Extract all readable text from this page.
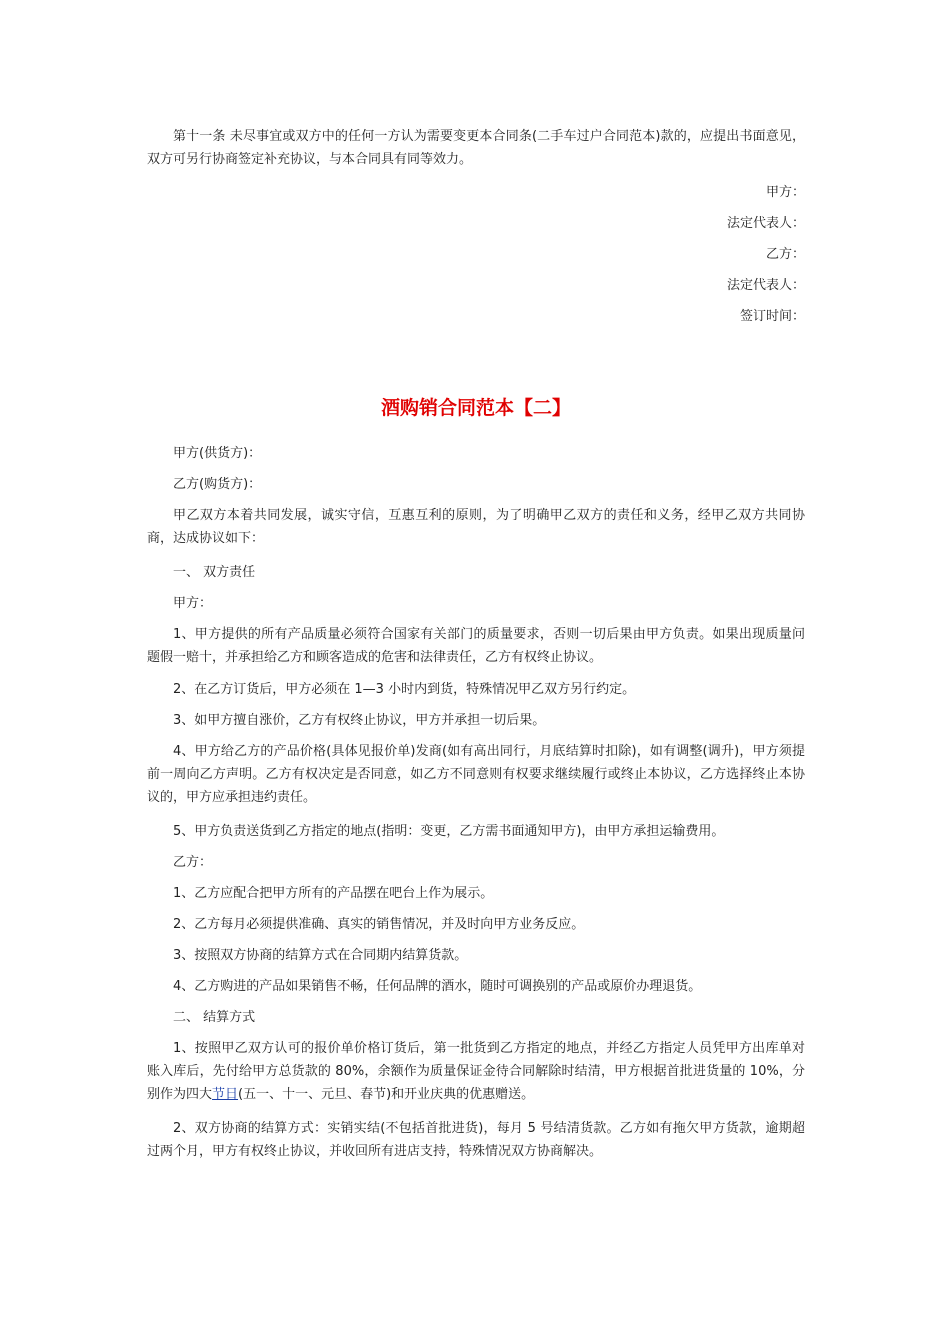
第十一条 未尽事宜或双方中的任何一方认为需要变更本合同条(二手车过户合同范本)款的，应提出书面意见，双方可另行协商签定补充协议，与本合同具有同等效力。

甲方：

法定代表人：

乙方：

法定代表人：

签订时间：

酒购销合同范本【二】

甲方(供货方)：

乙方(购货方)：

甲乙双方本着共同发展，诚实守信，互惠互利的原则，为了明确甲乙双方的责任和义务，经甲乙双方共同协商，达成协议如下：

一、 双方责任

甲方：

1、甲方提供的所有产品质量必须符合国家有关部门的质量要求，否则一切后果由甲方负责。如果出现质量问题假一赔十，并承担给乙方和顾客造成的危害和法律责任，乙方有权终止协议。

2、在乙方订货后，甲方必须在 1—3 小时内到货，特殊情况甲乙双方另行约定。

3、如甲方擅自涨价，乙方有权终止协议，甲方并承担一切后果。

4、甲方给乙方的产品价格(具体见报价单)发商(如有高出同行，月底结算时扣除)，如有调整(调升)，甲方须提前一周向乙方声明。乙方有权决定是否同意，如乙方不同意则有权要求继续履行或终止本协议，乙方选择终止本协议的，甲方应承担违约责任。

5、甲方负责送货到乙方指定的地点(指明：变更，乙方需书面通知甲方)，由甲方承担运输费用。

乙方：

1、乙方应配合把甲方所有的产品摆在吧台上作为展示。

2、乙方每月必须提供准确、真实的销售情况，并及时向甲方业务反应。

3、按照双方协商的结算方式在合同期内结算货款。

4、乙方购进的产品如果销售不畅，任何品牌的酒水，随时可调换别的产品或原价办理退货。

二、 结算方式

1、按照甲乙双方认可的报价单价格订货后，第一批货到乙方指定的地点，并经乙方指定人员凭甲方出库单对账入库后，先付给甲方总货款的 80%，余额作为质量保证金待合同解除时结清，甲方根据首批进货量的 10%，分别作为四大节日(五一、十一、元旦、春节)和开业庆典的优惠赠送。

2、双方协商的结算方式：实销实结(不包括首批进货)，每月 5 号结清货款。乙方如有拖欠甲方货款，逾期超过两个月，甲方有权终止协议，并收回所有进店支持，特殊情况双方协商解决。
